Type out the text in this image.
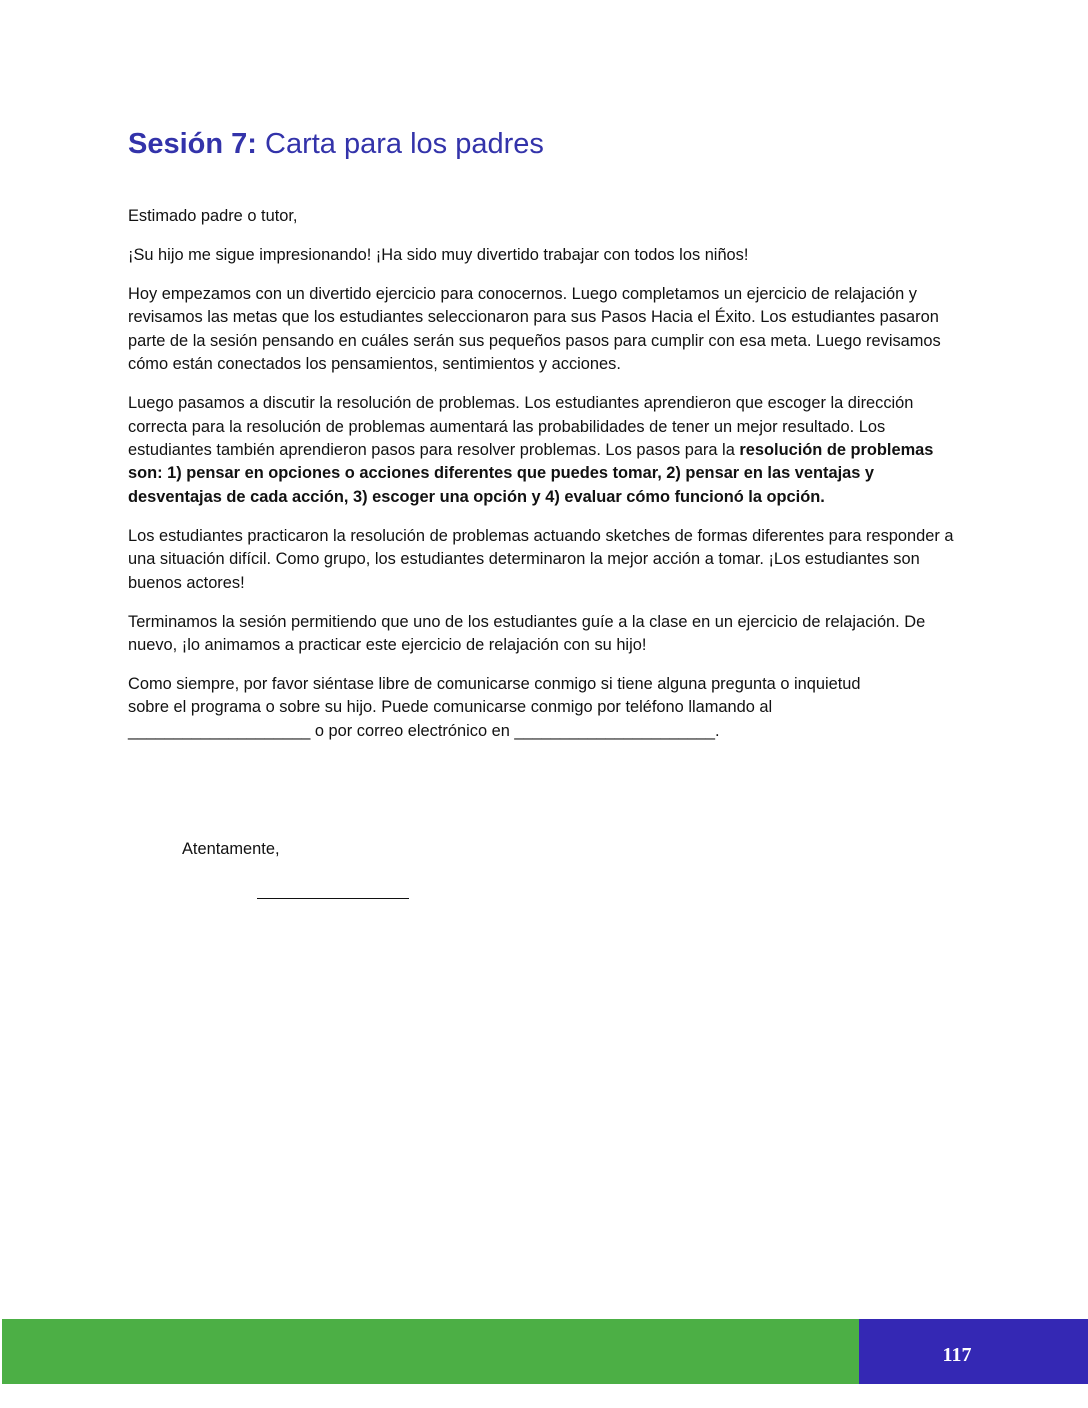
Sesión 7: Carta para los padres

Estimado padre o tutor,

¡Su hijo me sigue impresionando! ¡Ha sido muy divertido trabajar con todos los niños!

Hoy empezamos con un divertido ejercicio para conocernos. Luego completamos un ejercicio de relajación y revisamos las metas que los estudiantes seleccionaron para sus Pasos Hacia el Éxito. Los estudiantes pasaron parte de la sesión pensando en cuáles serán sus pequeños pasos para cumplir con esa meta. Luego revisamos cómo están conectados los pensamientos, sentimientos y acciones.

Luego pasamos a discutir la resolución de problemas. Los estudiantes aprendieron que escoger la dirección correcta para la resolución de problemas aumentará las probabilidades de tener un mejor resultado. Los estudiantes también aprendieron pasos para resolver problemas. Los pasos para la resolución de problemas son: 1) pensar en opciones o acciones diferentes que puedes tomar, 2) pensar en las ventajas y desventajas de cada acción, 3) escoger una opción y 4) evaluar cómo funcionó la opción.

Los estudiantes practicaron la resolución de problemas actuando sketches de formas diferentes para responder a una situación difícil. Como grupo, los estudiantes determinaron la mejor acción a tomar. ¡Los estudiantes son buenos actores!

Terminamos la sesión permitiendo que uno de los estudiantes guíe a la clase en un ejercicio de relajación. De nuevo, ¡lo animamos a practicar este ejercicio de relajación con su hijo!

Como siempre, por favor siéntase libre de comunicarse conmigo si tiene alguna pregunta o inquietud
sobre el programa o sobre su hijo. Puede comunicarse conmigo por teléfono llamando al
____________________ o por correo electrónico en ______________________.

Atentamente,
117
